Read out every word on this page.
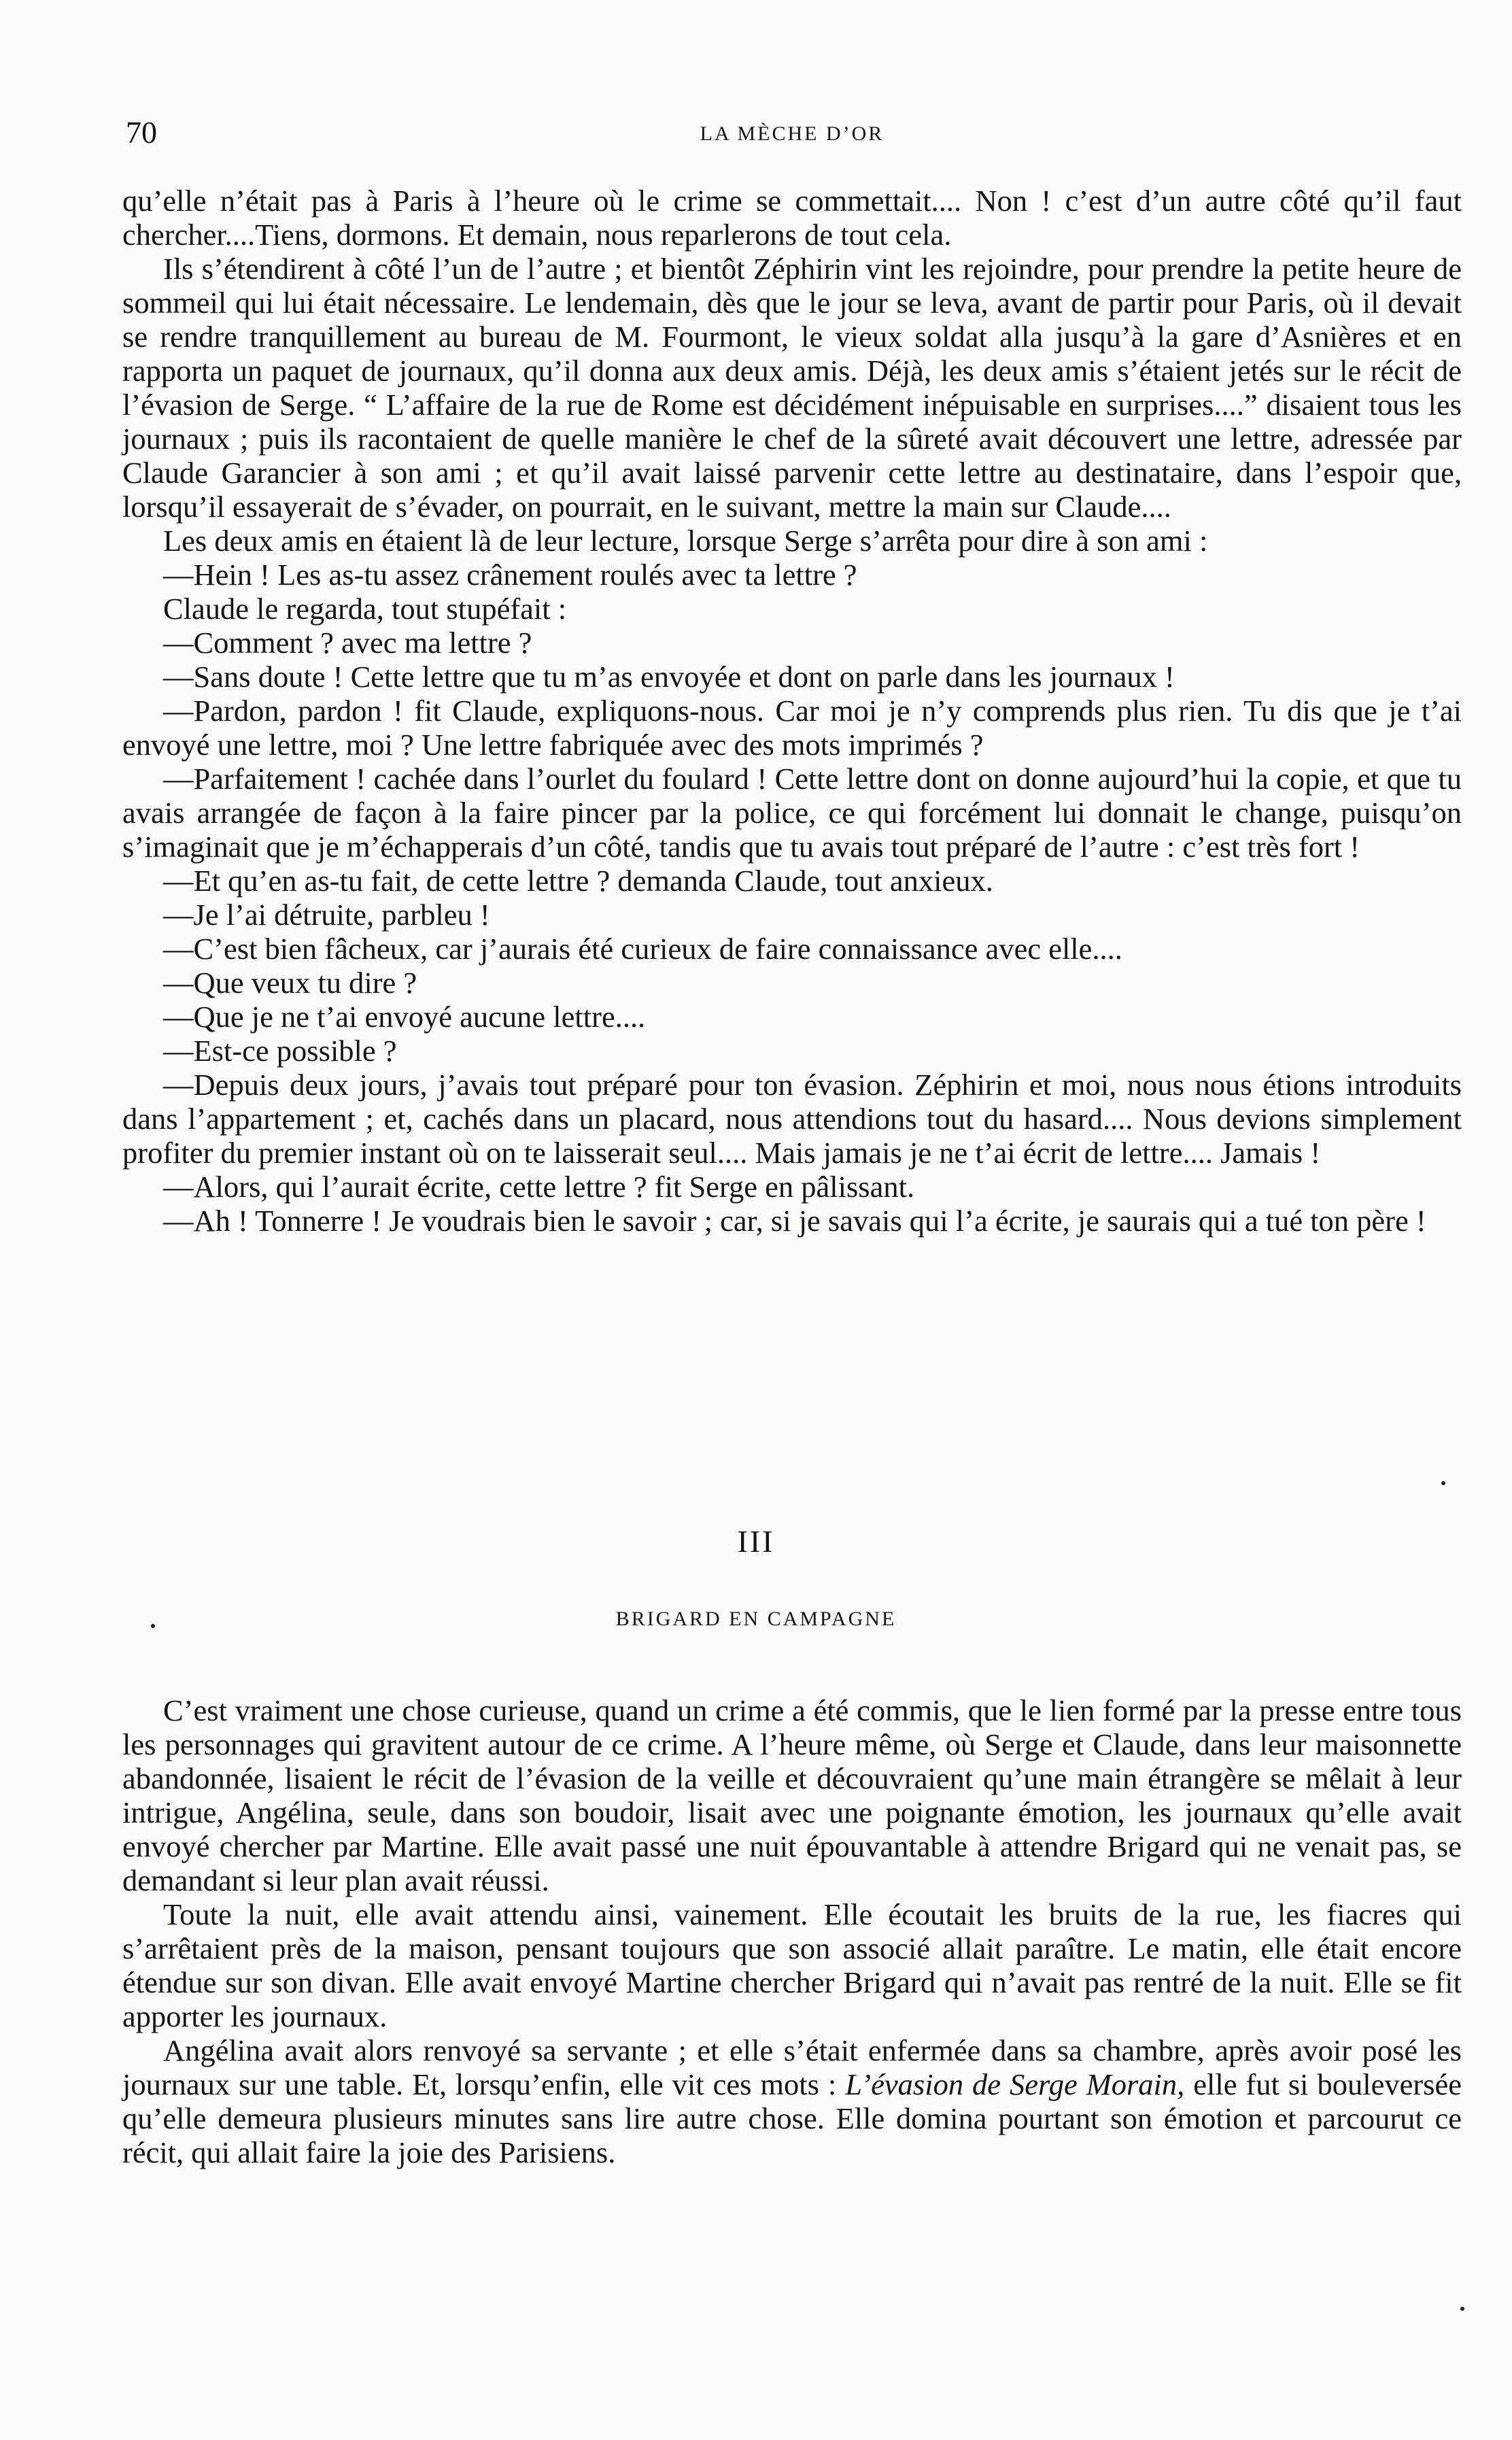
70	LA MÈCHE D’OR

qu’elle n’était pas à Paris à l’heure où le crime se commettait.... Non ! c’est d’un autre côté qu’il faut chercher....Tiens, dormons. Et demain, nous reparlerons de tout cela.

Ils s’étendirent à côté l’un de l’autre ; et bientôt Zéphirin vint les rejoindre, pour prendre la petite heure de sommeil qui lui était nécessaire. Le lendemain, dès que le jour se leva, avant de partir pour Paris, où il devait se rendre tranquillement au bureau de M. Fourmont, le vieux soldat alla jusqu’à la gare d’Asnières et en rapporta un paquet de journaux, qu’il donna aux deux amis. Déjà, les deux amis s’étaient jetés sur le récit de l’évasion de Serge. “ L’affaire de la rue de Rome est décidément inépuisable en surprises....” disaient tous les journaux ; puis ils racontaient de quelle manière le chef de la sûreté avait découvert une lettre, adressée par Claude Garancier à son ami ; et qu’il avait laissé parvenir cette lettre au destinataire, dans l’espoir que, lorsqu’il essayerait de s’évader, on pourrait, en le suivant, mettre la main sur Claude....

Les deux amis en étaient là de leur lecture, lorsque Serge s’arrêta pour dire à son ami :

—Hein ! Les as-tu assez crânement roulés avec ta lettre ?

Claude le regarda, tout stupéfait :

—Comment ? avec ma lettre ?

—Sans doute ! Cette lettre que tu m’as envoyée et dont on parle dans les journaux !

—Pardon, pardon ! fit Claude, expliquons-nous. Car moi je n’y comprends plus rien. Tu dis que je t’ai envoyé une lettre, moi ? Une lettre fabriquée avec des mots imprimés ?

—Parfaitement ! cachée dans l’ourlet du foulard ! Cette lettre dont on donne aujourd’hui la copie, et que tu avais arrangée de façon à la faire pincer par la police, ce qui forcément lui donnait le change, puisqu’on s’imaginait que je m’échapperais d’un côté, tandis que tu avais tout préparé de l’autre : c’est très fort !

—Et qu’en as-tu fait, de cette lettre ? demanda Claude, tout anxieux.

—Je l’ai détruite, parbleu !

—C’est bien fâcheux, car j’aurais été curieux de faire connaissance avec elle....

—Que veux tu dire ?

—Que je ne t’ai envoyé aucune lettre....

—Est-ce possible ?

—Depuis deux jours, j’avais tout préparé pour ton évasion. Zéphirin et moi, nous nous étions introduits dans l’appartement ; et, cachés dans un placard, nous attendions tout du hasard.... Nous devions simplement profiter du premier instant où on te laisserait seul.... Mais jamais je ne t’ai écrit de lettre.... Jamais !

—Alors, qui l’aurait écrite, cette lettre ? fit Serge en pâlissant.

—Ah ! Tonnerre ! Je voudrais bien le savoir ; car, si je savais qui l’a écrite, je saurais qui a tué ton père !

III
BRIGARD EN CAMPAGNE

C’est vraiment une chose curieuse, quand un crime a été commis, que le lien formé par la presse entre tous les personnages qui gravitent autour de ce crime. A l’heure même, où Serge et Claude, dans leur maisonnette abandonnée, lisaient le récit de l’évasion de la veille et découvraient qu’une main étrangère se mêlait à leur intrigue, Angélina, seule, dans son boudoir, lisait avec une poignante émotion, les journaux qu’elle avait envoyé chercher par Martine. Elle avait passé une nuit épouvantable à attendre Brigard qui ne venait pas, se demandant si leur plan avait réussi.

Toute la nuit, elle avait attendu ainsi, vainement. Elle écoutait les bruits de la rue, les fiacres qui s’arrêtaient près de la maison, pensant toujours que son associé allait paraître. Le matin, elle était encore étendue sur son divan. Elle avait envoyé Martine chercher Brigard qui n’avait pas rentré de la nuit. Elle se fit apporter les journaux.

Angélina avait alors renvoyé sa servante ; et elle s’était enfermée dans sa chambre, après avoir posé les journaux sur une table. Et, lorsqu’enfin, elle vit ces mots : L’évasion de Serge Morain, elle fut si bouleversée qu’elle demeura plusieurs minutes sans lire autre chose. Elle domina pourtant son émotion et parcourut ce récit, qui allait faire la joie des Parisiens.
